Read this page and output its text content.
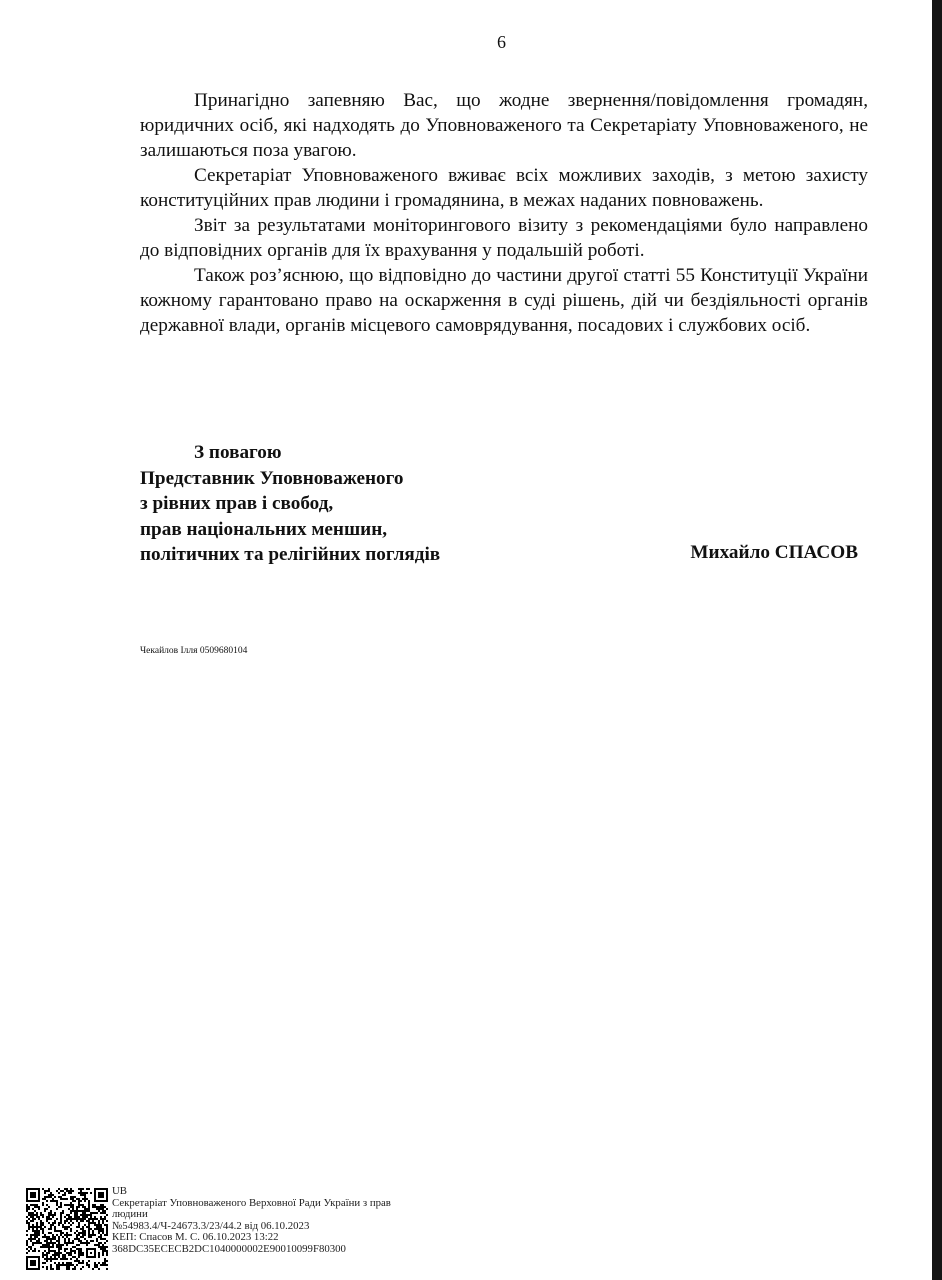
6

Принагідно запевняю Вас, що жодне звернення/повідомлення громадян, юридичних осіб, які надходять до Уповноваженого та Секретаріату Уповноваженого, не залишаються поза увагою.

Секретаріат Уповноваженого вживає всіх можливих заходів, з метою захисту конституційних прав людини і громадянина, в межах наданих повноважень.

Звіт за результатами моніторингового візиту з рекомендаціями було направлено до відповідних органів для їх врахування у подальшій роботі.

Також роз’яснюю, що відповідно до частини другої статті 55 Конституції України кожному гарантовано право на оскарження в суді рішень, дій чи бездіяльності органів державної влади, органів місцевого самоврядування, посадових і службових осіб.

З повагою
Представник Уповноваженого
з рівних прав і свобод,
прав національних меншин,
політичних та релігійних поглядів	Михайло СПАСОВ
Чекайлов Ілля 0509680104
UB
Секретаріат Уповноваженого Верховної Ради України з прав
людини
№54983.4/Ч-24673.3/23/44.2 від 06.10.2023
КЕП: Спасов М. С. 06.10.2023 13:22
368DC35ECECB2DC1040000002E90010099F80300
